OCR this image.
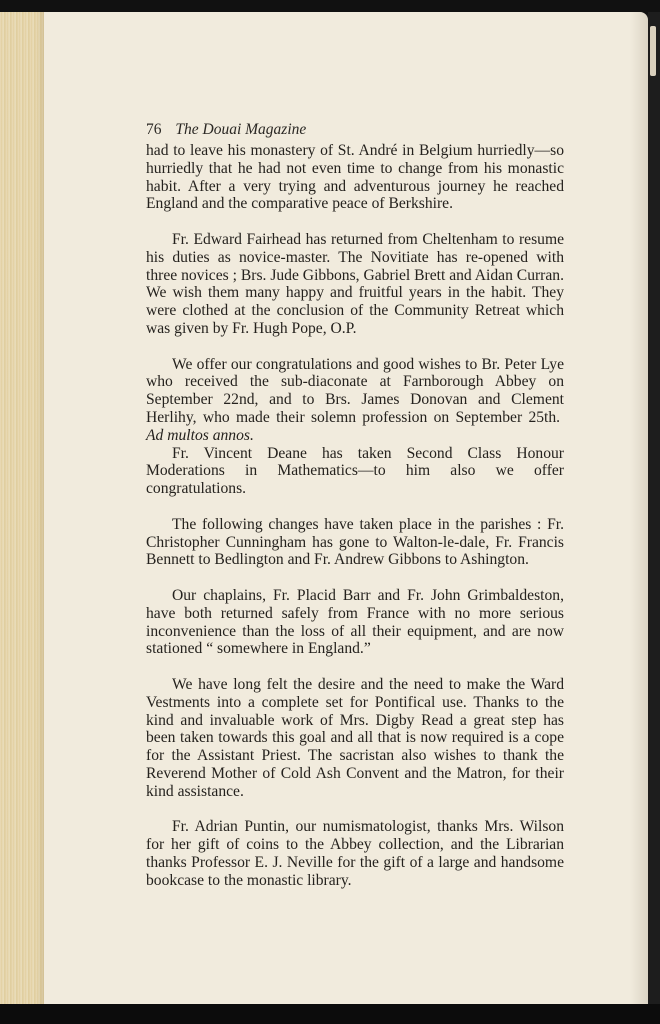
76 The Douai Magazine

had to leave his monastery of St. André in Belgium hurriedly—so hurriedly that he had not even time to change from his monastic habit. After a very trying and adventurous journey he reached England and the comparative peace of Berkshire.

Fr. Edward Fairhead has returned from Cheltenham to resume his duties as novice-master. The Novitiate has re-opened with three novices ; Brs. Jude Gibbons, Gabriel Brett and Aidan Curran. We wish them many happy and fruitful years in the habit. They were clothed at the conclusion of the Community Retreat which was given by Fr. Hugh Pope, O.P.

We offer our congratulations and good wishes to Br. Peter Lye who received the sub-diaconate at Farnborough Abbey on September 22nd, and to Brs. James Donovan and Clement Herlihy, who made their solemn profession on September 25th.  Ad multos annos.

Fr. Vincent Deane has taken Second Class Honour Moderations in Mathematics—to him also we offer congratulations.

The following changes have taken place in the parishes : Fr. Christopher Cunningham has gone to Walton-le-dale, Fr. Francis Bennett to Bedlington and Fr. Andrew Gibbons to Ashington.

Our chaplains, Fr. Placid Barr and Fr. John Grimbaldeston, have both returned safely from France with no more serious inconvenience than the loss of all their equipment, and are now stationed “ somewhere in England.”

We have long felt the desire and the need to make the Ward Vestments into a complete set for Pontifical use. Thanks to the kind and invaluable work of Mrs. Digby Read a great step has been taken towards this goal and all that is now required is a cope for the Assistant Priest. The sacristan also wishes to thank the Reverend Mother of Cold Ash Convent and the Matron, for their kind assistance.

Fr. Adrian Puntin, our numismatologist, thanks Mrs. Wilson for her gift of coins to the Abbey collection, and the Librarian thanks Professor E. J. Neville for the gift of a large and handsome bookcase to the monastic library.
